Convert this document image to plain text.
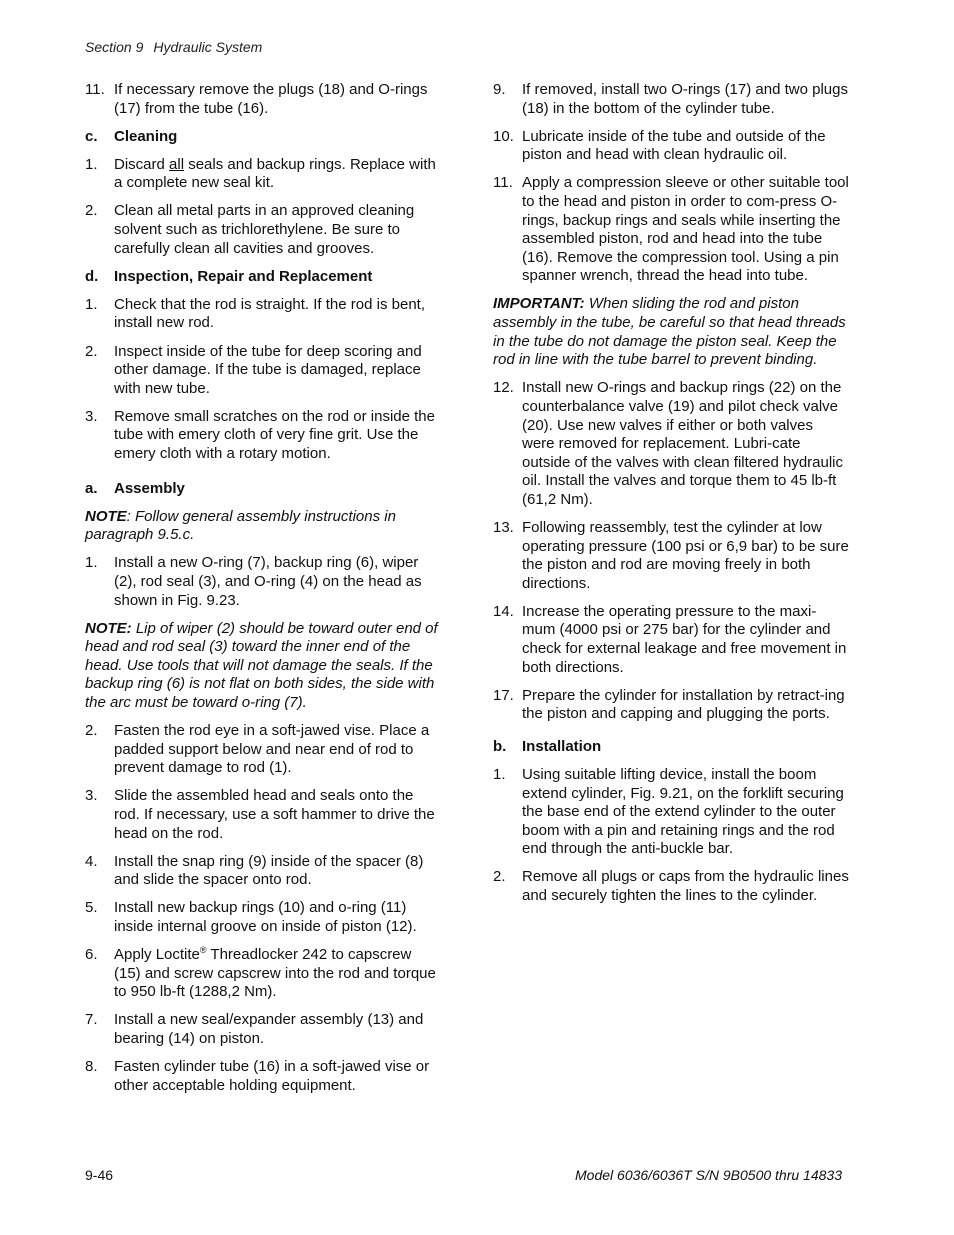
Section 9 Hydraulic System
11. If necessary remove the plugs (18) and O-rings (17) from the tube (16).
c.	Cleaning
1.	Discard all seals and backup rings. Replace with a complete new seal kit.
2.	Clean all metal parts in an approved cleaning solvent such as trichlorethylene. Be sure to carefully clean all cavities and grooves.
d.	Inspection, Repair and Replacement
1.	Check that the rod is straight. If the rod is bent, install new rod.
2.	Inspect inside of the tube for deep scoring and other damage. If the tube is damaged, replace with new tube.
3.	Remove small scratches on the rod or inside the tube with emery cloth of very fine grit. Use the emery cloth with a rotary motion.
a.	Assembly
NOTE: Follow general assembly instructions in paragraph 9.5.c.
1.	Install a new O-ring (7), backup ring (6), wiper (2), rod seal (3), and O-ring (4) on the head as shown in Fig. 9.23.
NOTE: Lip of wiper (2) should be toward outer end of head and rod seal (3) toward the inner end of the head. Use tools that will not damage the seals. If the backup ring (6) is not flat on both sides, the side with the arc must be toward o-ring (7).
2.	Fasten the rod eye in a soft-jawed vise. Place a padded support below and near end of rod to prevent damage to rod (1).
3.	Slide the assembled head and seals onto the rod. If necessary, use a soft hammer to drive the head on the rod.
4.	Install the snap ring (9) inside of the spacer (8) and slide the spacer onto rod.
5.	Install new backup rings (10) and o-ring (11) inside internal groove on inside of piston (12).
6.	Apply Loctite® Threadlocker 242 to capscrew (15) and screw capscrew into the rod and torque to 950 lb-ft (1288,2 Nm).
7.	Install a new seal/expander assembly (13) and bearing (14) on piston.
8.	Fasten cylinder tube (16) in a soft-jawed vise or other acceptable holding equipment.
9.	If removed, install two O-rings (17) and two plugs (18) in the bottom of the cylinder tube.
10. Lubricate inside of the tube and outside of the piston and head with clean hydraulic oil.
11. Apply a compression sleeve or other suitable tool to the head and piston in order to com-press O-rings, backup rings and seals while inserting the assembled piston, rod and head into the tube (16). Remove the compression tool. Using a pin spanner wrench, thread the head into tube.
IMPORTANT: When sliding the rod and piston assembly in the tube, be careful so that head threads in the tube do not damage the piston seal. Keep the rod in line with the tube barrel to prevent binding.
12. Install new O-rings and backup rings (22) on the counterbalance valve (19) and pilot check valve (20). Use new valves if either or both valves were removed for replacement. Lubri-cate outside of the valves with clean filtered hydraulic oil. Install the valves and torque them to 45 lb-ft (61,2 Nm).
13. Following reassembly, test the cylinder at low operating pressure (100 psi or 6,9 bar) to be sure the piston and rod are moving freely in both directions.
14. Increase the operating pressure to the maxi-mum (4000 psi or 275 bar) for the cylinder and check for external leakage and free movement in both directions.
17. Prepare the cylinder for installation by retract-ing the piston and capping and plugging the ports.
b.	Installation
1.	Using suitable lifting device, install the boom extend cylinder, Fig. 9.21, on the forklift securing the base end of the extend cylinder to the outer boom with a pin and retaining rings and the rod end through the anti-buckle bar.
2.	Remove all plugs or caps from the hydraulic lines and securely tighten the lines to the cylinder.
9-46	Model 6036/6036T S/N 9B0500 thru 14833
